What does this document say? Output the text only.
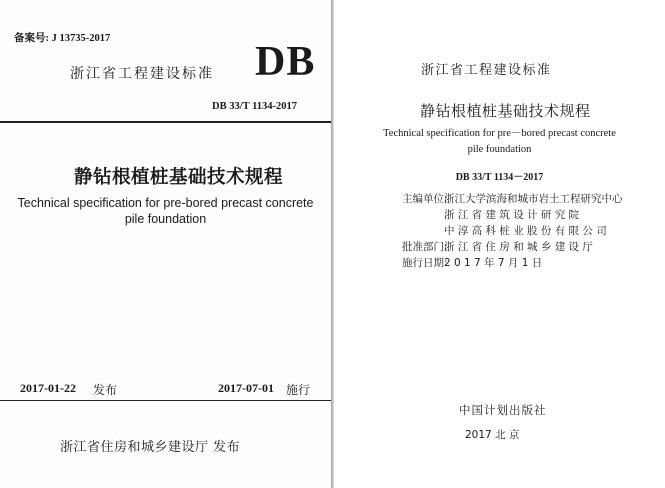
备案号: J 13735-2017
浙江省工程建设标准 DB
DB 33/T 1134-2017
静钻根植桩基础技术规程
Technical specification for pre-bored precast concrete
pile foundation
2017-01-22 发布	2017-07-01 施行
浙江省住房和城乡建设厅 发布
浙江省工程建设标准
静钻根植桩基础技术规程
Technical specification for pre－bored precast concrete
pile foundation
DB 33/T 1134－2017
主编单位:
浙江大学滨海和城市岩土工程研究中心
浙 江 省 建 筑 设 计 研 究 院
中 淳 高 科 桩 业 股 份 有 限 公 司
批准部门:
浙 江 省 住 房 和 城 乡 建 设 厅
施行日期:
2 0 1 7 年 7 月 1 日
中国计划出版社
2017 北 京
